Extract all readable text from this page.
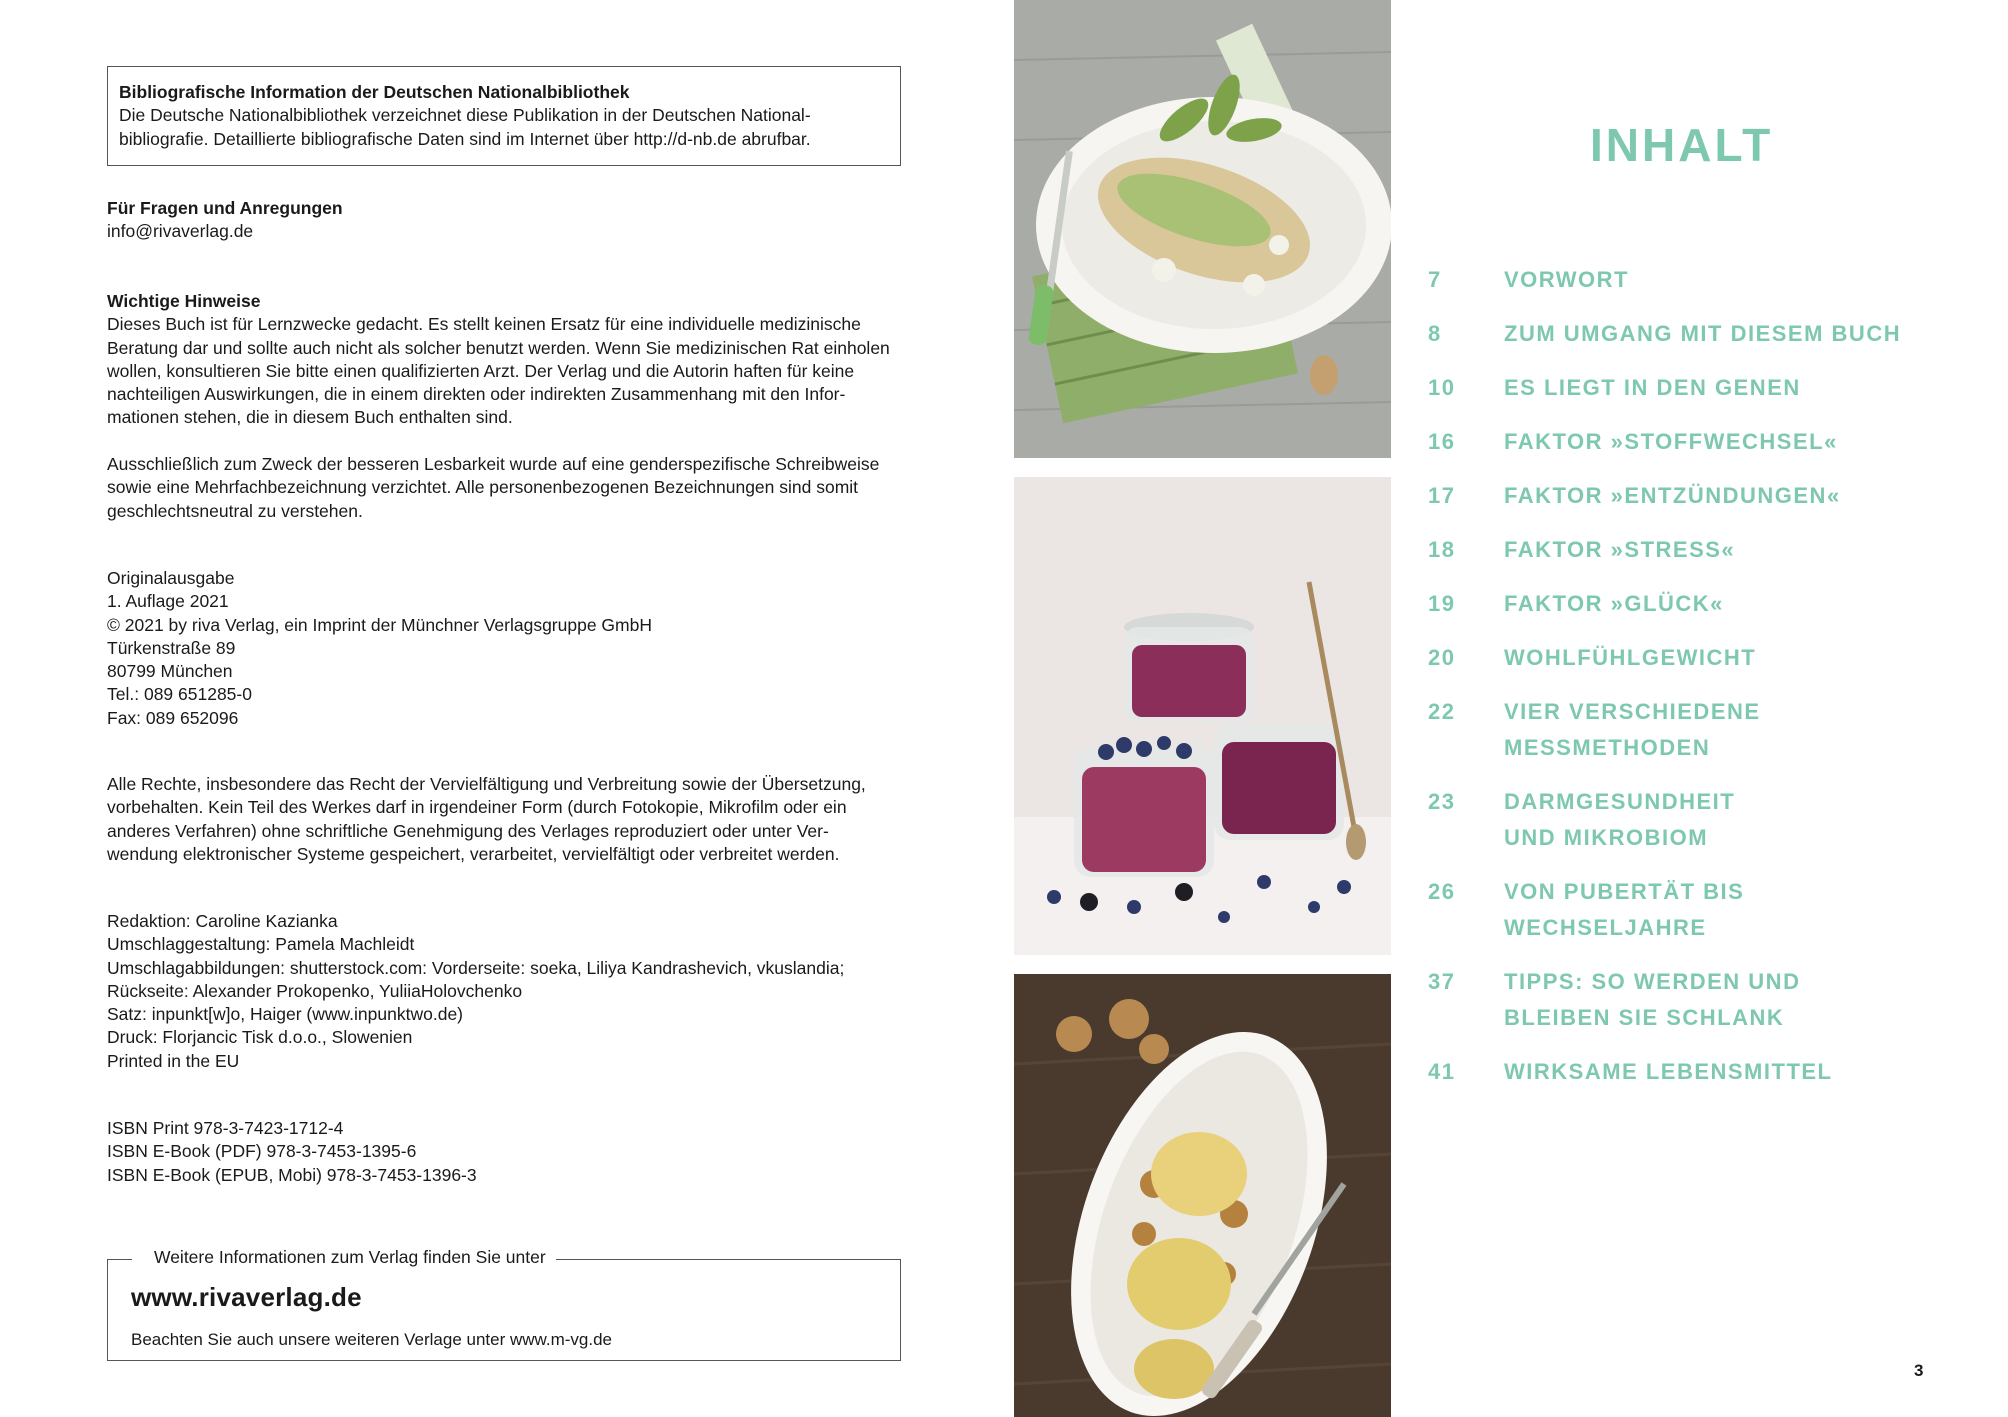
Bibliografische Information der Deutschen Nationalbibliothek
Die Deutsche Nationalbibliothek verzeichnet diese Publikation in der Deutschen National-
bibliografie. Detaillierte bibliografische Daten sind im Internet über http://d-nb.de abrufbar.
Für Fragen und Anregungen
info@rivaverlag.de
Wichtige Hinweise
Dieses Buch ist für Lernzwecke gedacht. Es stellt keinen Ersatz für eine individuelle medizinische
Beratung dar und sollte auch nicht als solcher benutzt werden. Wenn Sie medizinischen Rat einholen
wollen, konsultieren Sie bitte einen qualifizierten Arzt. Der Verlag und die Autorin haften für keine
nachteiligen Auswirkungen, die in einem direkten oder indirekten Zusammenhang mit den Infor-
mationen stehen, die in diesem Buch enthalten sind.
Ausschließlich zum Zweck der besseren Lesbarkeit wurde auf eine genderspezifische Schreibweise
sowie eine Mehrfachbezeichnung verzichtet. Alle personenbezogenen Bezeichnungen sind somit
geschlechtsneutral zu verstehen.
Originalausgabe
1. Auflage 2021
© 2021 by riva Verlag, ein Imprint der Münchner Verlagsgruppe GmbH
Türkenstraße 89
80799 München
Tel.: 089 651285-0
Fax: 089 652096
Alle Rechte, insbesondere das Recht der Vervielfältigung und Verbreitung sowie der Übersetzung,
vorbehalten. Kein Teil des Werkes darf in irgendeiner Form (durch Fotokopie, Mikrofilm oder ein
anderes Verfahren) ohne schriftliche Genehmigung des Verlages reproduziert oder unter Ver-
wendung elektronischer Systeme gespeichert, verarbeitet, vervielfältigt oder verbreitet werden.
Redaktion: Caroline Kazianka
Umschlaggestaltung: Pamela Machleidt
Umschlagabbildungen: shutterstock.com: Vorderseite: soeka, Liliya Kandrashevich, vkuslandia;
Rückseite: Alexander Prokopenko, YuliiaHolovchenko
Satz: inpunkt[w]o, Haiger (www.inpunktwo.de)
Druck: Florjancic Tisk d.o.o., Slowenien
Printed in the EU
ISBN Print 978-3-7423-1712-4
ISBN E-Book (PDF) 978-3-7453-1395-6
ISBN E-Book (EPUB, Mobi) 978-3-7453-1396-3
Weitere Informationen zum Verlag finden Sie unter
www.rivaverlag.de
Beachten Sie auch unsere weiteren Verlage unter www.m-vg.de
INHALT
7	VORWORT
8	ZUM UMGANG MIT DIESEM BUCH
10	ES LIEGT IN DEN GENEN
16	FAKTOR »STOFFWECHSEL«
17	FAKTOR »ENTZÜNDUNGEN«
18	FAKTOR »STRESS«
19	FAKTOR »GLÜCK«
20	WOHLFÜHLGEWICHT
22	VIER VERSCHIEDENE
MESSMETHODEN
23	DARMGESUNDHEIT
UND MIKROBIOM
26	VON PUBERTÄT BIS
WECHSELJAHRE
37	TIPPS: SO WERDEN UND
BLEIBEN SIE SCHLANK
41	WIRKSAME LEBENSMITTEL
3
